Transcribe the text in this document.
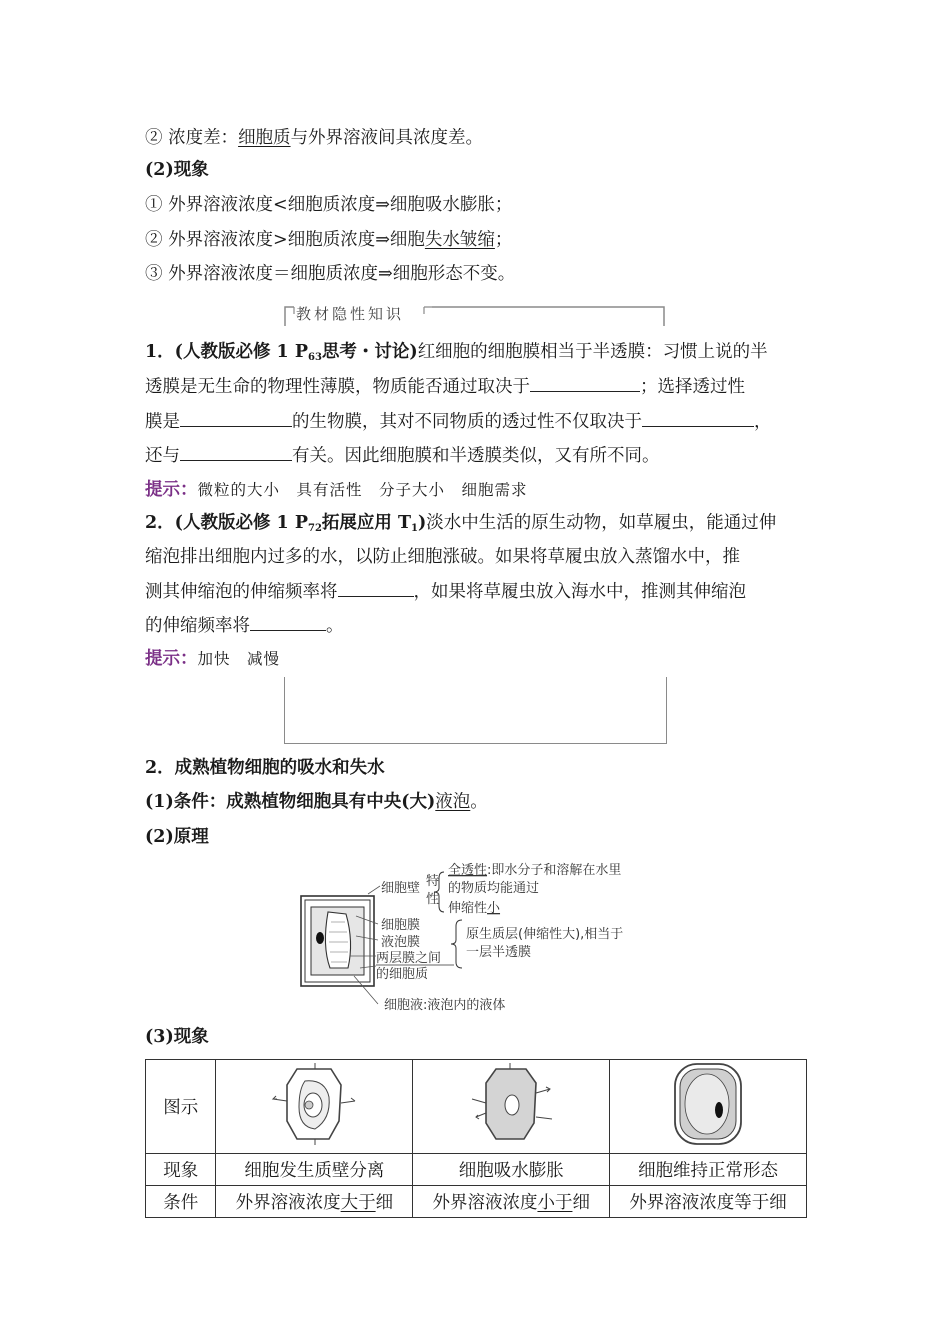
② 浓度差：细胞质与外界溶液间具浓度差。
(2)现象
① 外界溶液浓度<细胞质浓度⇒细胞吸水膨胀；
② 外界溶液浓度>细胞质浓度⇒细胞失水皱缩；
③ 外界溶液浓度＝细胞质浓度⇒细胞形态不变。
教材隐性知识
1．(人教版必修 1 $P_{63}$思考・讨论)红细胞的细胞膜相当于半透膜：习惯上说的半
透膜是无生命的物理性薄膜，物质能否通过取决于	；选择透过性
膜是	的生物膜，其对不同物质的透过性不仅取决于	，
还与	有关。因此细胞膜和半透膜类似，又有所不同。
提示：微粒的大小　具有活性　分子大小　细胞需求
2．(人教版必修 1 $P_{72}$拓展应用 $T_1$)淡水中生活的原生动物，如草履虫，能通过伸
缩泡排出细胞内过多的水，以防止细胞涨破。如果将草履虫放入蒸馏水中，推
测其伸缩泡的伸缩频率将	，如果将草履虫放入海水中，推测其伸缩泡
的伸缩频率将	。
提示：加快　减慢
2．成熟植物细胞的吸水和失水
(1)条件：成熟植物细胞具有中央(大)液泡。
(2)原理
细胞壁 特
性
全透性:即水分子和溶解在水里
的物质均能通过
伸缩性小
细胞膜
液泡膜
两层膜之间
的细胞质
原生质层(伸缩性大),相当于
一层半透膜
细胞液:液泡内的液体
(3)现象
图示			
现象	细胞发生质壁分离	细胞吸水膨胀	细胞维持正常形态
条件	外界溶液浓度大于细	外界溶液浓度小于细	外界溶液浓度等于细
